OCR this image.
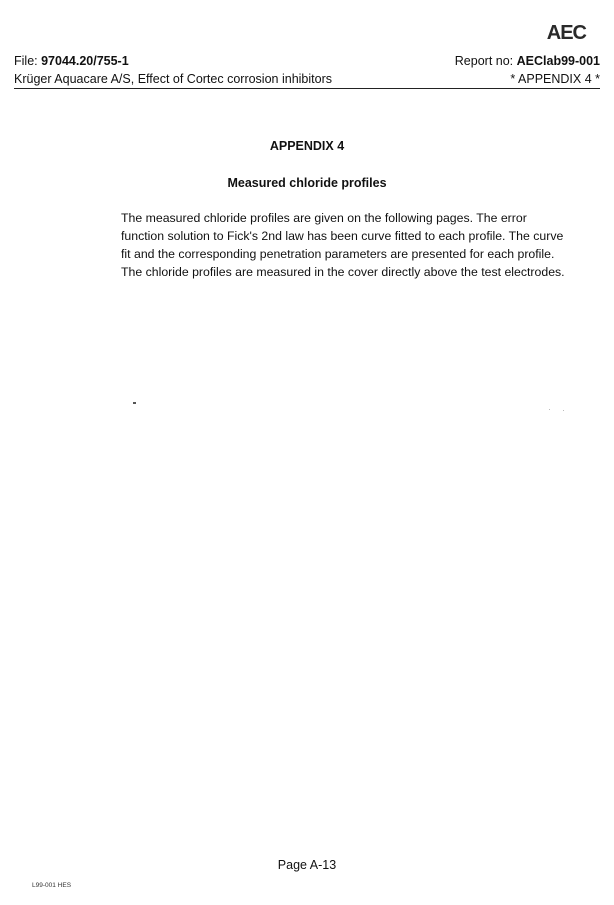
AEC
File: 97044.20/755-1	Report no: AEClab99-001
Krüger Aquacare A/S, Effect of Cortec corrosion inhibitors	* APPENDIX 4 *
APPENDIX 4
Measured chloride profiles
The measured chloride profiles are given on the following pages. The error
function solution to Fick's 2nd law has been curve fitted to each profile. The curve
fit and the corresponding penetration parameters are presented for each profile.
The chloride profiles are measured in the cover directly above the test electrodes.
Page A-13
L99-001 HES
